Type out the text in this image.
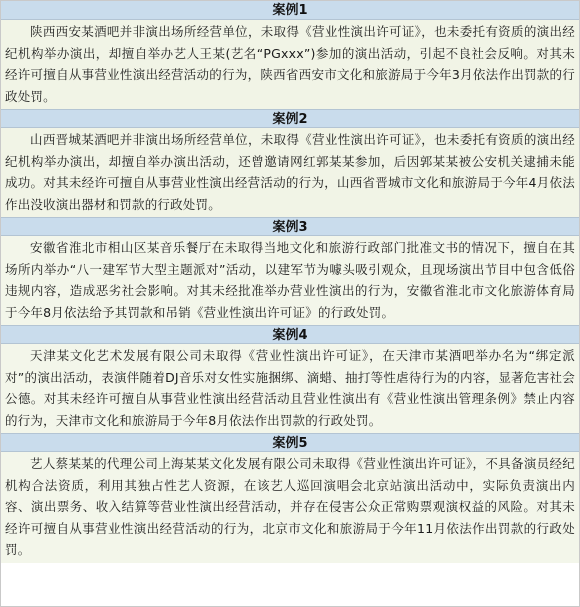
案例1
陕西西安某酒吧并非演出场所经营单位，未取得《营业性演出许可证》，也未委托有资质的演出经纪机构举办演出，却擅自举办艺人王某(艺名“PGxxx”)参加的演出活动，引起不良社会反响。对其未经许可擅自从事营业性演出经营活动的行为，陕西省西安市文化和旅游局于今年3月依法作出罚款的行政处罚。
案例2
山西晋城某酒吧并非演出场所经营单位，未取得《营业性演出许可证》，也未委托有资质的演出经纪机构举办演出，却擅自举办演出活动，还曾邀请网红郭某某参加，后因郭某某被公安机关逮捕未能成功。对其未经许可擅自从事营业性演出经营活动的行为，山西省晋城市文化和旅游局于今年4月依法作出没收演出器材和罚款的行政处罚。
案例3
安徽省淮北市相山区某音乐餐厅在未取得当地文化和旅游行政部门批准文书的情况下，擅自在其场所内举办“八一建军节大型主题派对”活动，以建军节为噱头吸引观众，且现场演出节目中包含低俗违规内容，造成恶劣社会影响。对其未经批准举办营业性演出的行为，安徽省淮北市文化旅游体育局于今年8月依法给予其罚款和吊销《营业性演出许可证》的行政处罚。
案例4
天津某文化艺术发展有限公司未取得《营业性演出许可证》，在天津市某酒吧举办名为“绑定派对”的演出活动，表演伴随着DJ音乐对女性实施捆绑、滴蜡、抽打等性虐待行为的内容，显著危害社会公德。对其未经许可擅自从事营业性演出经营活动且营业性演出有《营业性演出管理条例》禁止内容的行为，天津市文化和旅游局于今年8月依法作出罚款的行政处罚。
案例5
艺人蔡某某的代理公司上海某某文化发展有限公司未取得《营业性演出许可证》，不具备演员经纪机构合法资质，利用其独占性艺人资源，在该艺人巡回演唱会北京站演出活动中，实际负责演出内容、演出票务、收入结算等营业性演出经营活动，并存在侵害公众正常购票观演权益的风险。对其未经许可擅自从事营业性演出经营活动的行为，北京市文化和旅游局于今年11月依法作出罚款的行政处罚。
